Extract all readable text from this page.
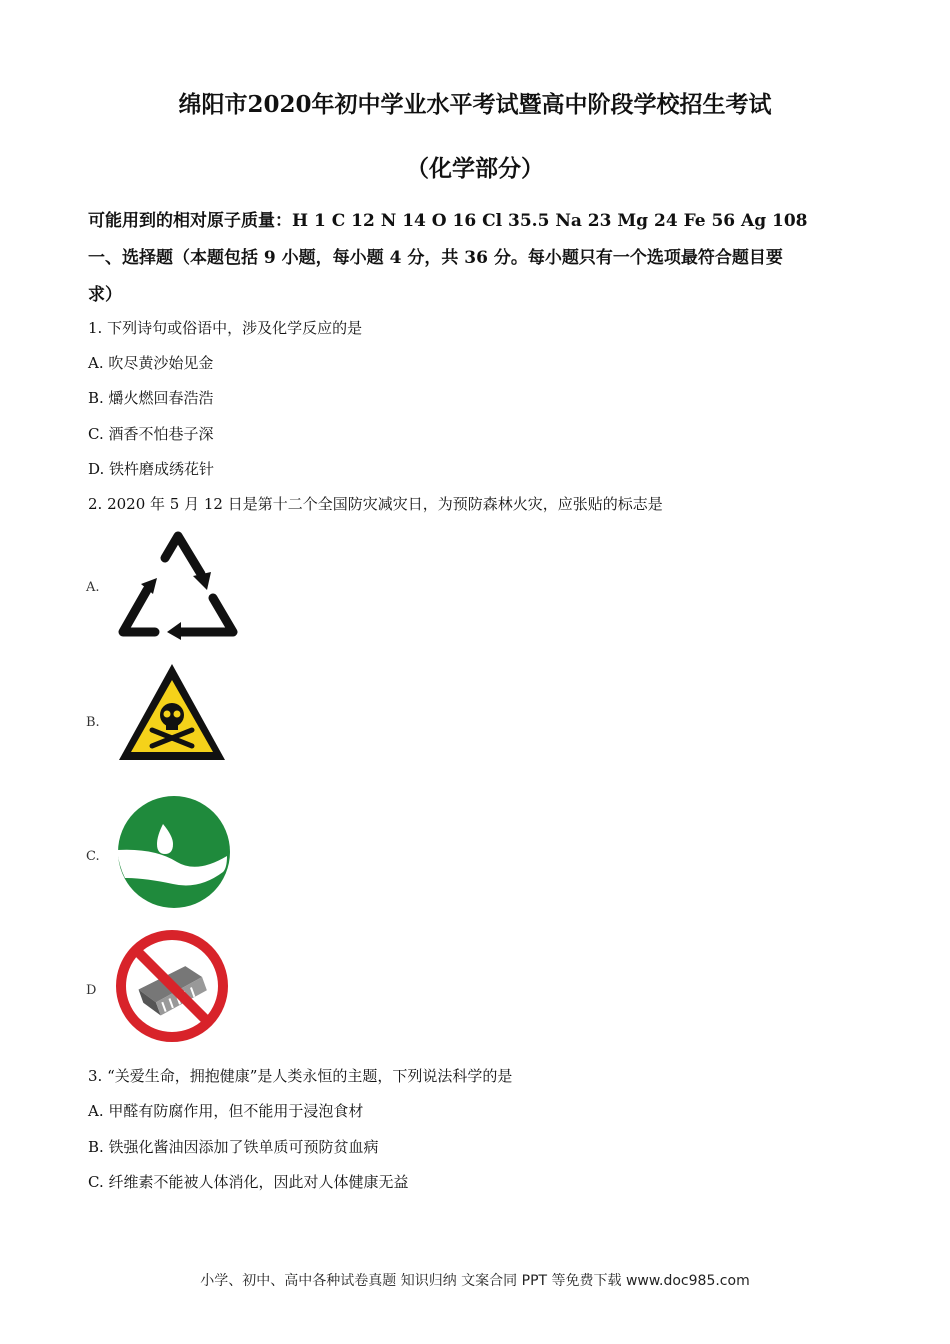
绵阳市2020年初中学业水平考试暨高中阶段学校招生考试
（化学部分）
可能用到的相对原子质量：H 1 C 12 N 14 O 16 Cl 35.5 Na 23 Mg 24 Fe 56 Ag 108
一、选择题（本题包括 9 小题，每小题 4 分，共 36 分。每小题只有一个选项最符合题目要
求）
1. 下列诗句或俗语中，涉及化学反应的是
A. 吹尽黄沙始见金
B. 爝火燃回春浩浩
C. 酒香不怕巷子深
D. 铁杵磨成绣花针
2. 2020 年 5 月 12 日是第十二个全国防灾减灾日，为预防森林火灾，应张贴的标志是
A.
B.
C.
D
3. “关爱生命，拥抱健康”是人类永恒的主题，下列说法科学的是
A. 甲醛有防腐作用，但不能用于浸泡食材
B. 铁强化酱油因添加了铁单质可预防贫血病
C. 纤维素不能被人体消化，因此对人体健康无益
小学、初中、高中各种试卷真题 知识归纳 文案合同 PPT 等免费下载 www.doc985.com
